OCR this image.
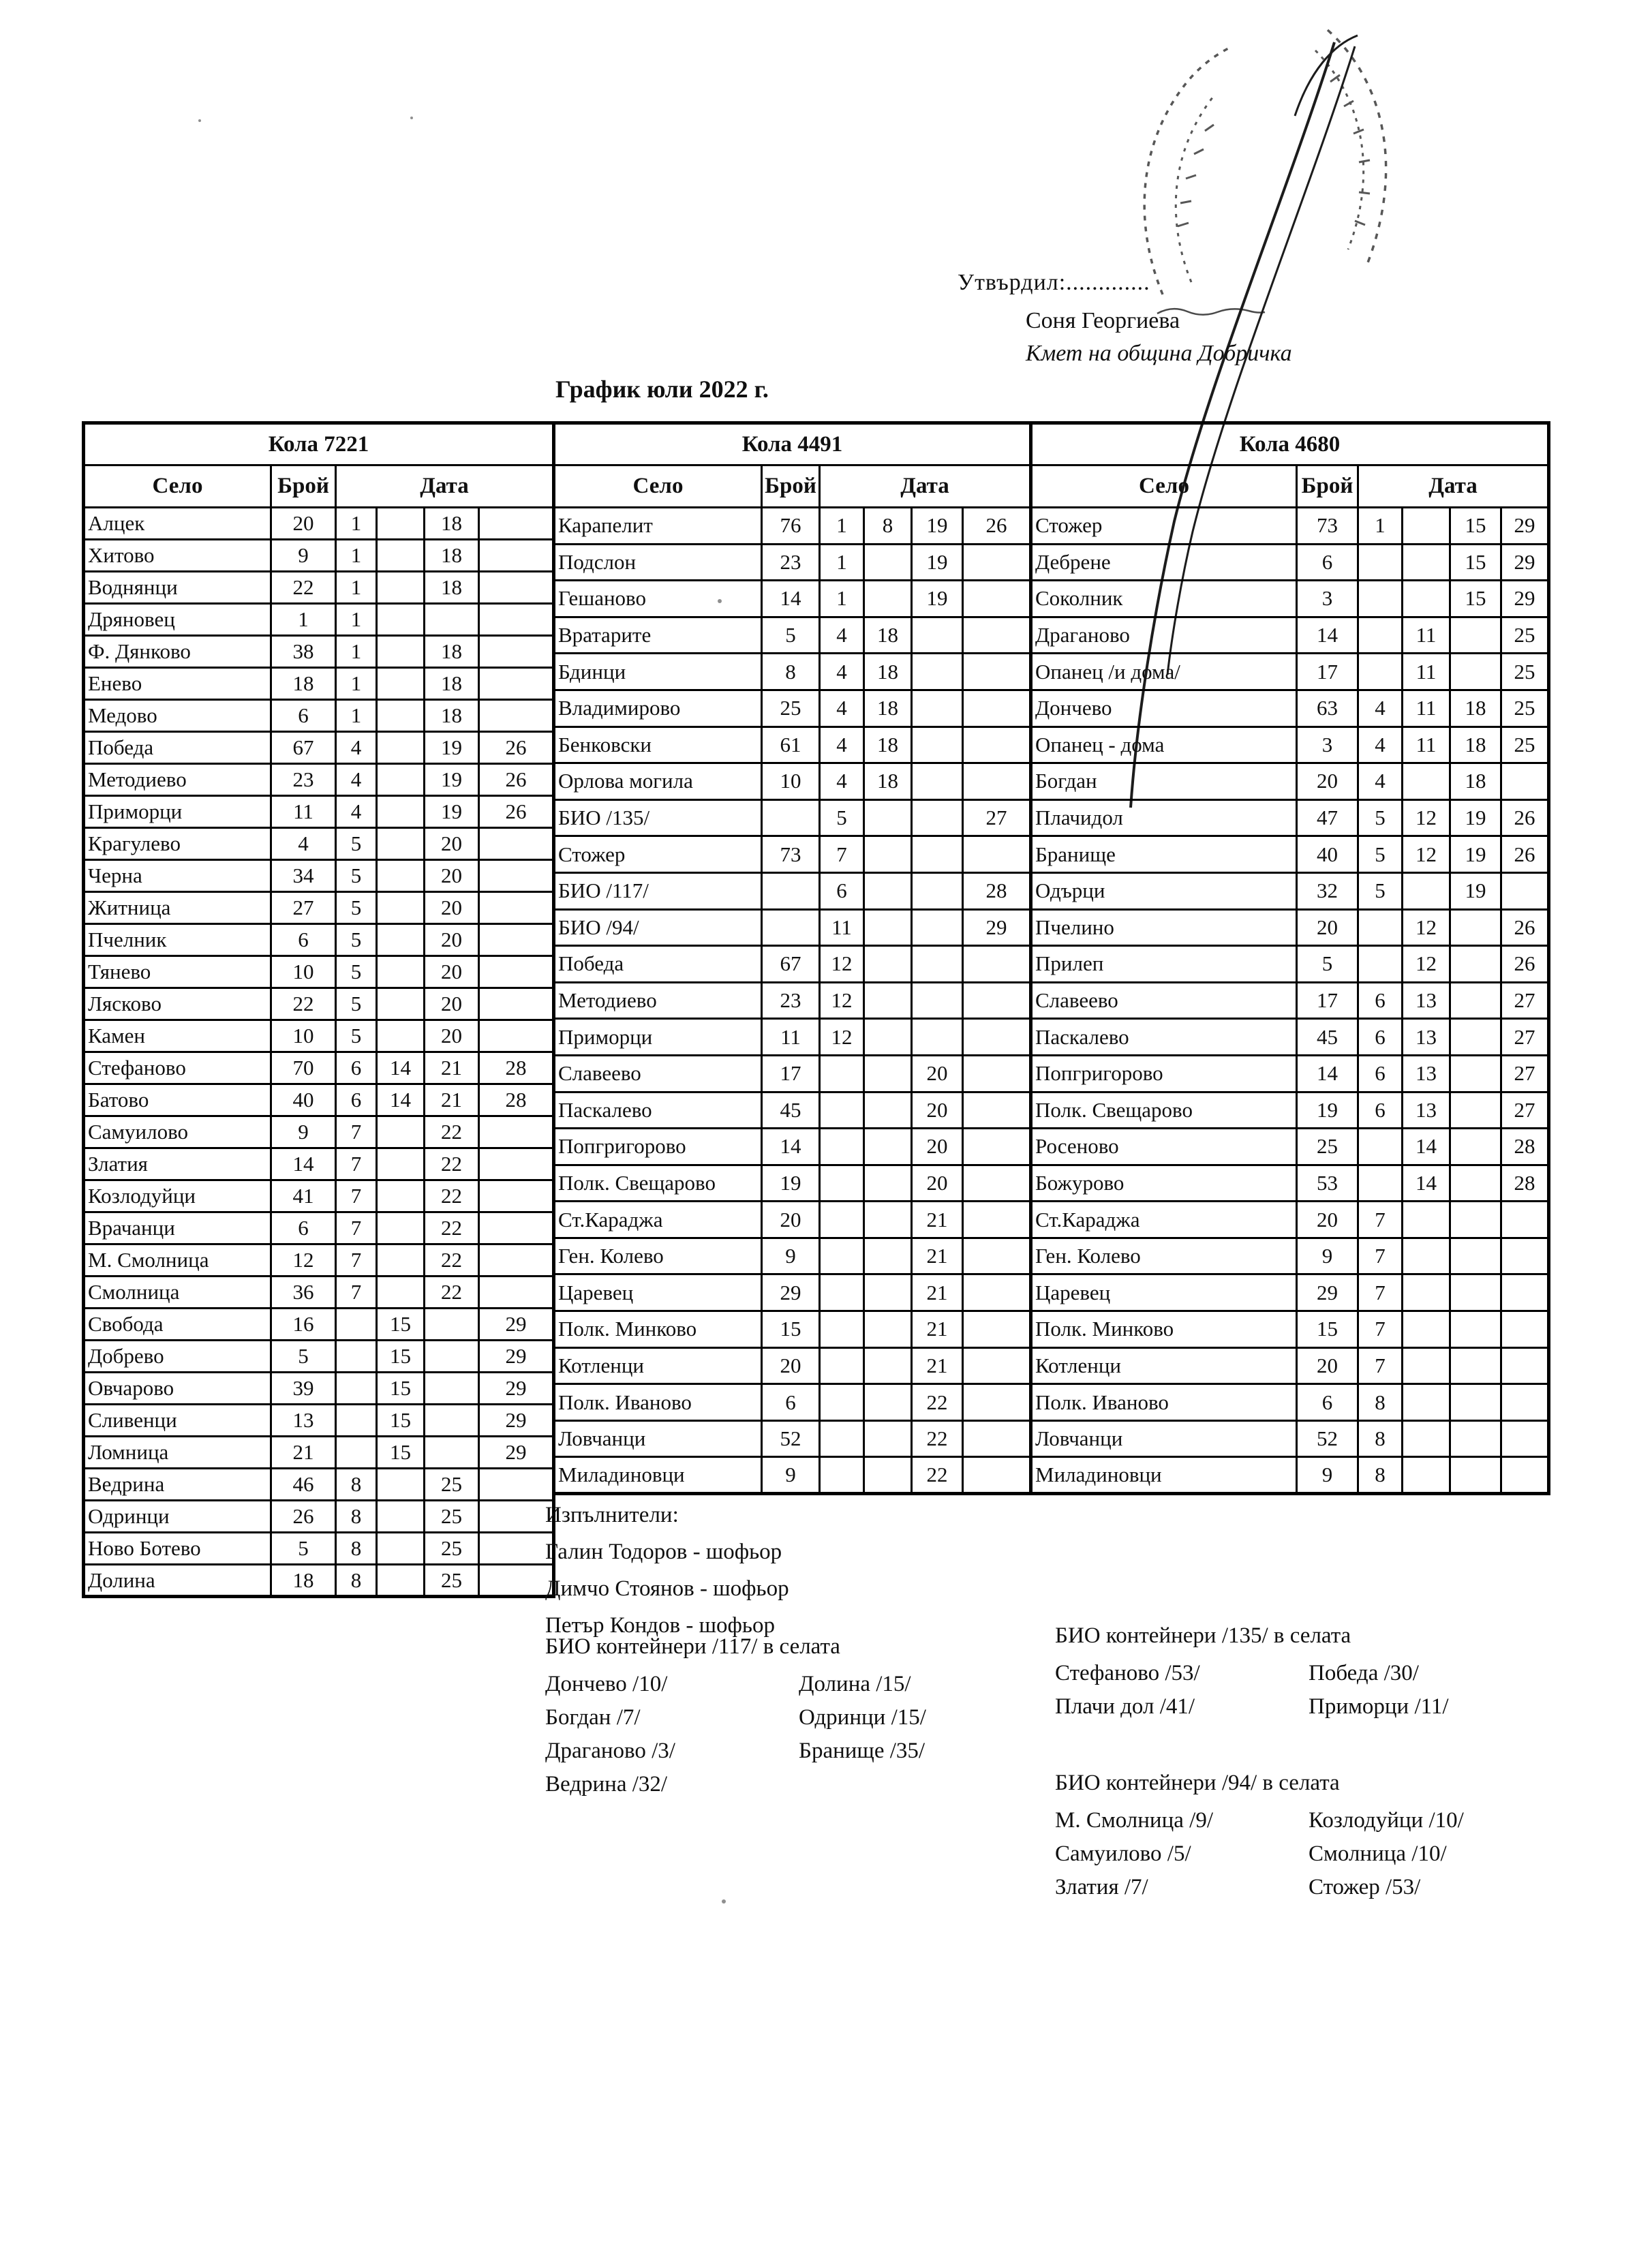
Утвърдил:.............
Соня Георгиева
Кмет на община Добричка
График юли 2022 г.
Кола 7221					
Село	Брой	Дата			
Алцек	20	1		18	
Хитово	9	1		18	
Воднянци	22	1		18	
Дряновец	1	1			
Ф. Дянково	38	1		18	
Енево	18	1		18	
Медово	6	1		18	
Победа	67	4		19	26
Методиево	23	4		19	26
Приморци	11	4		19	26
Крагулево	4	5		20	
Черна	34	5		20	
Житница	27	5		20	
Пчелник	6	5		20	
Тянево	10	5		20	
Лясково	22	5		20	
Камен	10	5		20	
Стефаново	70	6	14	21	28
Батово	40	6	14	21	28
Самуилово	9	7		22	
Златия	14	7		22	
Козлодуйци	41	7		22	
Врачанци	6	7		22	
М. Смолница	12	7		22	
Смолница	36	7		22	
Свобода	16		15		29
Добрево	5		15		29
Овчарово	39		15		29
Сливенци	13		15		29
Ломница	21		15		29
Ведрина	46	8		25	
Одринци	26	8		25	
Ново Ботево	5	8		25	
Долина	18	8		25	
Кола 4491					
Село	Брой	Дата			
Карапелит	76	1	8	19	26
Подслон	23	1		19	
Гешаново	14	1		19	
Вратарите	5	4	18		
Бдинци	8	4	18		
Владимирово	25	4	18		
Бенковски	61	4	18		
Орлова могила	10	4	18		
БИО /135/		5			27
Стожер	73	7			
БИО /117/		6			28
БИО /94/		11			29
Победа	67	12			
Методиево	23	12			
Приморци	11	12			
Славеево	17			20	
Паскалево	45			20	
Попгригорово	14			20	
Полк. Свещарово	19			20	
Ст.Караджа	20			21	
Ген. Колево	9			21	
Царевец	29			21	
Полк. Минково	15			21	
Котленци	20			21	
Полк. Иваново	6			22	
Ловчанци	52			22	
Миладиновци	9			22	
Кола 4680					
Село	Брой	Дата			
Стожер	73	1		15	29
Дебрене	6			15	29
Соколник	3			15	29
Драганово	14		11		25
Опанец /и дома/	17		11		25
Дончево	63	4	11	18	25
Опанец - дома	3	4	11	18	25
Богдан	20	4		18	
Плачидол	47	5	12	19	26
Бранище	40	5	12	19	26
Одърци	32	5		19	
Пчелино	20		12		26
Прилеп	5		12		26
Славеево	17	6	13		27
Паскалево	45	6	13		27
Попгригорово	14	6	13		27
Полк. Свещарово	19	6	13		27
Росеново	25		14		28
Божурово	53		14		28
Ст.Караджа	20	7			
Ген. Колево	9	7			
Царевец	29	7			
Полк. Минково	15	7			
Котленци	20	7			
Полк. Иваново	6	8			
Ловчанци	52	8			
Миладиновци	9	8			
Изпълнители:
Галин Тодоров - шофьор
Димчо Стоянов - шофьор
Петър Кондов - шофьор
БИО контейнери /117/ в селата
Дончево /10/	Долина /15/
Богдан /7/	Одринци /15/
Драганово /3/	Бранище /35/
Ведрина /32/
БИО контейнери /135/ в селата
Стефаново /53/	Победа /30/
Плачи дол /41/	Приморци /11/
БИО контейнери /94/ в селата
М. Смолница /9/	Козлодуйци /10/
Самуилово /5/	Смолница /10/
Златия /7/	Стожер /53/
